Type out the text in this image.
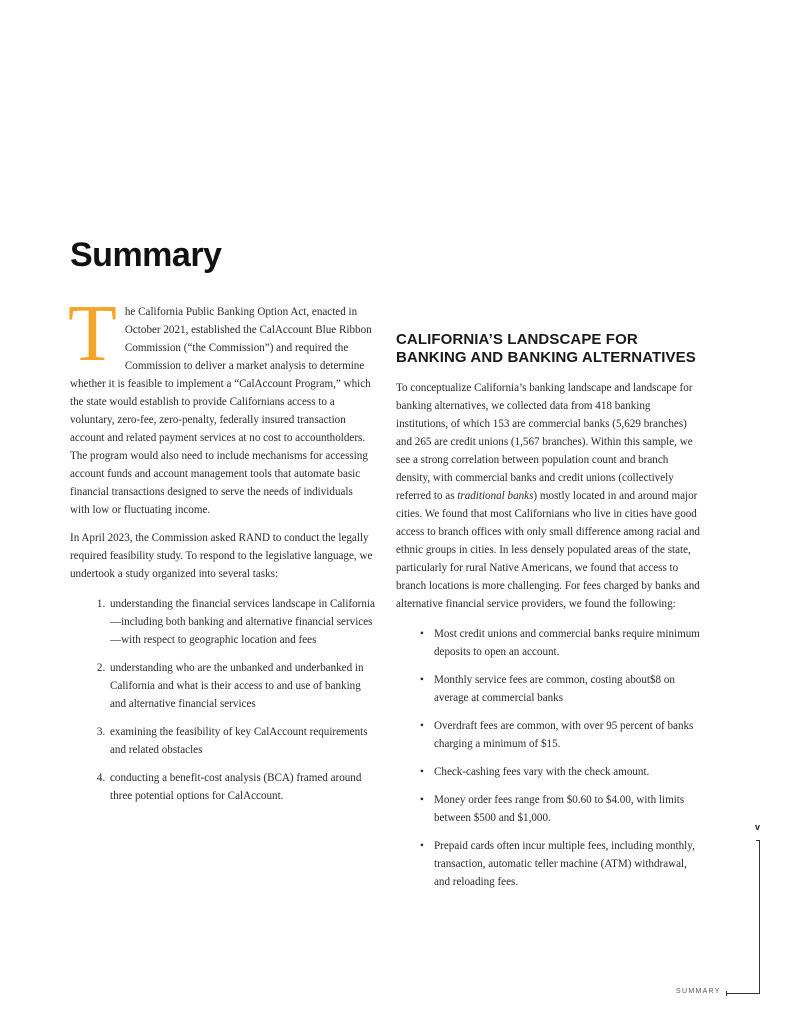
Summary

The California Public Banking Option Act, enacted in October 2021, established the CalAccount Blue Ribbon Commission (“the Commission”) and required the Commission to deliver a market analysis to determine whether it is feasible to implement a “CalAccount Program,” which the state would establish to provide Californians access to a voluntary, zero-fee, zero-penalty, federally insured transaction account and related payment services at no cost to accountholders. The program would also need to include mechanisms for accessing account funds and account management tools that automate basic financial transactions designed to serve the needs of individuals with low or fluctuating income.

In April 2023, the Commission asked RAND to conduct the legally required feasibility study. To respond to the legislative language, we undertook a study organized into several tasks:

1. understanding the financial services landscape in California—including both banking and alternative financial services—with respect to geographic location and fees
2. understanding who are the unbanked and underbanked in California and what is their access to and use of banking and alternative financial services
3. examining the feasibility of key CalAccount requirements and related obstacles
4. conducting a benefit-cost analysis (BCA) framed around three potential options for CalAccount.
CALIFORNIA’S LANDSCAPE FOR BANKING AND BANKING ALTERNATIVES

To conceptualize California’s banking landscape and landscape for banking alternatives, we collected data from 418 banking institutions, of which 153 are commercial banks (5,629 branches) and 265 are credit unions (1,567 branches). Within this sample, we see a strong correlation between population count and branch density, with commercial banks and credit unions (collectively referred to as traditional banks) mostly located in and around major cities. We found that most Californians who live in cities have good access to branch offices with only small difference among racial and ethnic groups in cities. In less densely populated areas of the state, particularly for rural Native Americans, we found that access to branch locations is more challenging. For fees charged by banks and alternative financial service providers, we found the following:

• Most credit unions and commercial banks require minimum deposits to open an account.
• Monthly service fees are common, costing about$8 on average at commercial banks
• Overdraft fees are common, with over 95 percent of banks charging a minimum of $15.
• Check-cashing fees vary with the check amount.
• Money order fees range from $0.60 to $4.00, with limits between $500 and $1,000.
• Prepaid cards often incur multiple fees, including monthly, transaction, automatic teller machine (ATM) withdrawal, and reloading fees.
v
SUMMARY
